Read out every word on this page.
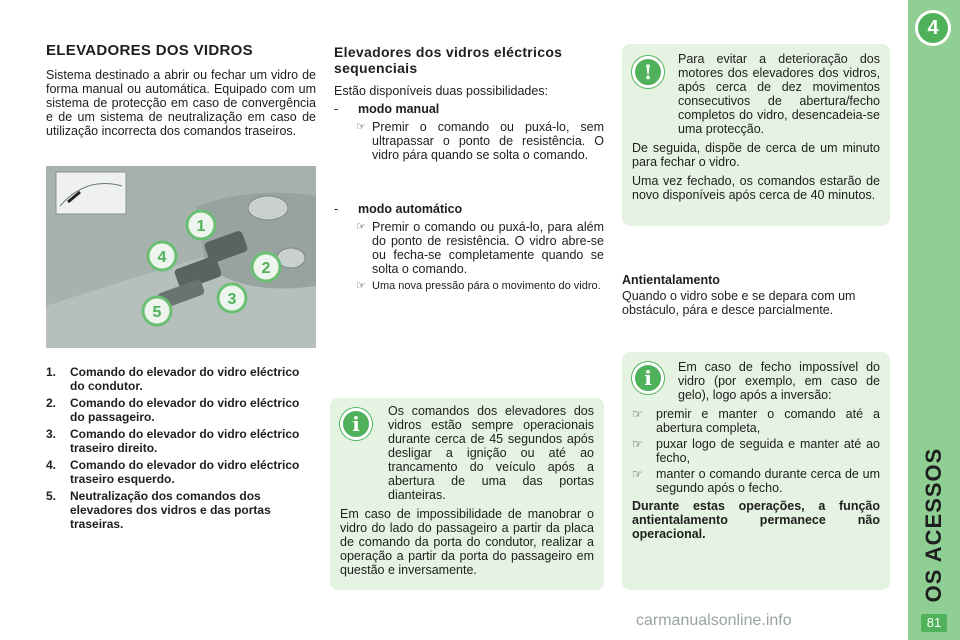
4
OS ACESSOS
81
ELEVADORES DOS VIDROS

Sistema destinado a abrir ou fechar um vidro de forma manual ou automática. Equipado com um sistema de protecção em caso de convergência e de um sistema de neutralização em caso de utilização incorrecta dos comandos traseiros.

1
2
3
4
5
1.	Comando do elevador do vidro eléctrico do condutor.
2.	Comando do elevador do vidro eléctrico do passageiro.
3.	Comando do elevador do vidro eléctrico traseiro direito.
4.	Comando do elevador do vidro eléctrico traseiro esquerdo.
5.	Neutralização dos comandos dos elevadores dos vidros e das portas traseiras.
Elevadores dos vidros eléctricos sequenciais

Estão disponíveis duas possibilidades:

- modo manual

☞ Premir o comando ou puxá-lo, sem ultrapassar o ponto de resistência. O vidro pára quando se solta o comando.

- modo automático

☞ Premir o comando ou puxá-lo, para além do ponto de resistência. O vidro abre-se ou fecha-se completamente quando se solta o comando.
☞ Uma nova pressão pára o movimento do vidro.
i

Os comandos dos elevadores dos vidros estão sempre operacionais durante cerca de 45 segundos após desligar a ignição ou até ao trancamento do veículo após a abertura de uma das portas dianteiras.

Em caso de impossibilidade de manobrar o vidro do lado do passageiro a partir da placa de comando da porta do condutor, realizar a operação a partir da porta do passageiro em questão e inversamente.

!

Para evitar a deterioração dos motores dos elevadores dos vidros, após cerca de dez movimentos consecutivos de abertura/fecho completos do vidro, desencadeia-se uma protecção.

De seguida, dispõe de cerca de um minuto para fechar o vidro.

Uma vez fechado, os comandos estarão de novo disponíveis após cerca de 40 minutos.

Antientalamento

Quando o vidro sobe e se depara com um obstáculo, pára e desce parcialmente.

i	Em caso de fecho impossível do vidro (por exemplo, em caso de gelo), logo após a inversão:

☞	premir e manter o comando até a abertura completa,
☞	puxar logo de seguida e manter até ao fecho,
☞	manter o comando durante cerca de um segundo após o fecho.

Durante estas operações, a função antientalamento permanece não operacional.

carmanualsonline.info
